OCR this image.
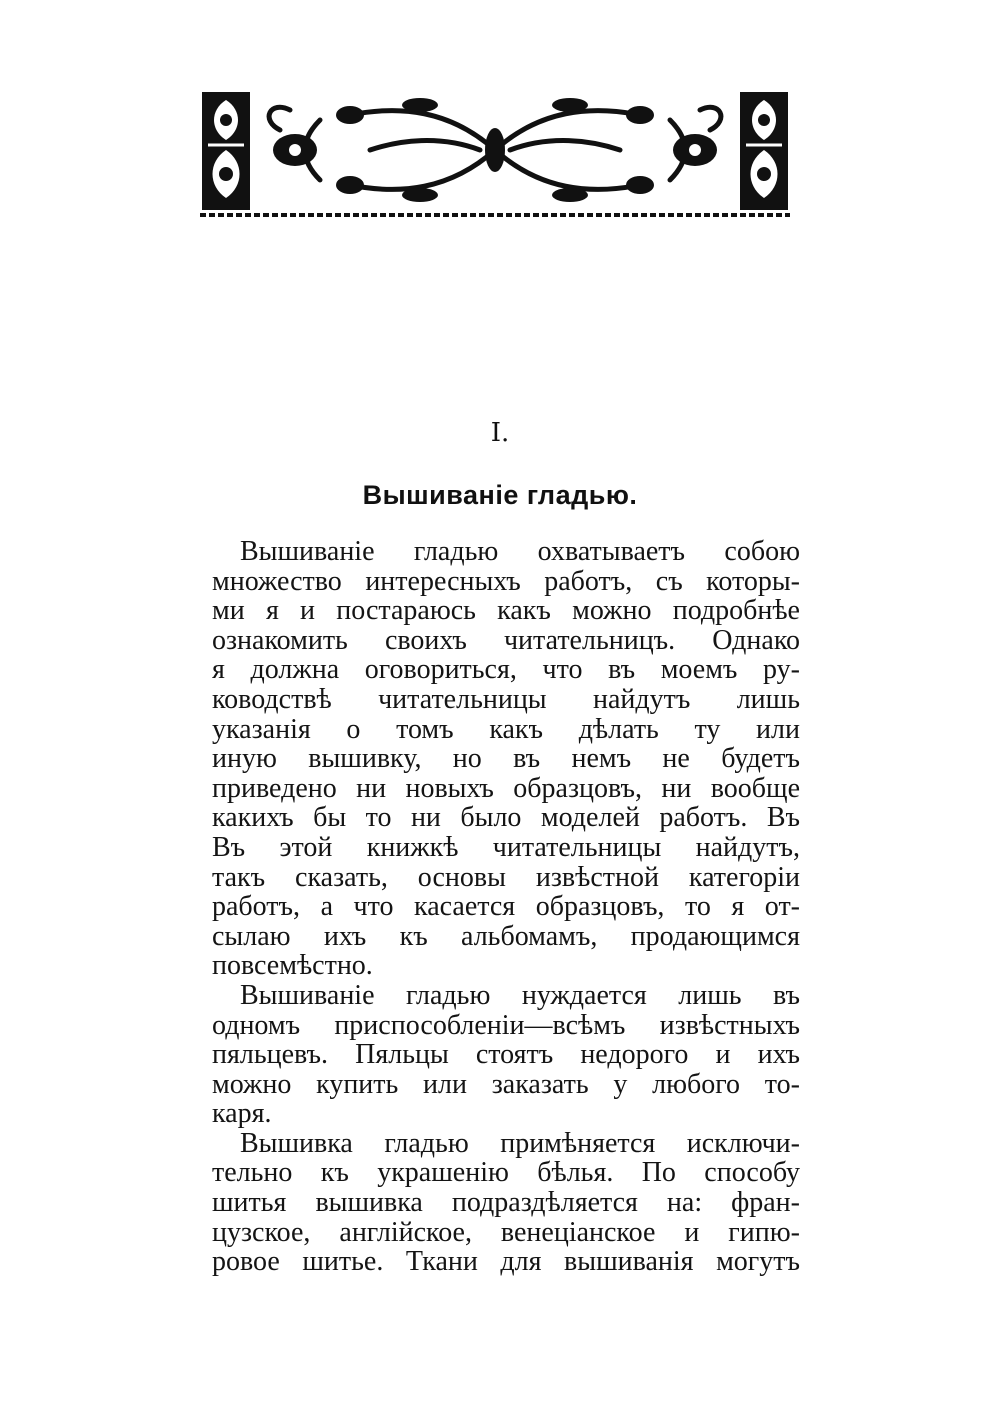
I.
Вышиванiе гладью.
Вышиванiе гладью охватываетъ собою
множество интересныхъ работъ, съ которы-
ми я и постараюсь какъ можно подробнѣе
ознакомить своихъ читательницъ. Однако
я должна оговориться, что въ моемъ ру-
ководствѣ читательницы найдутъ лишь
указанiя о томъ какъ дѣлать ту или
иную вышивку, но въ немъ не будетъ
приведено ни новыхъ образцовъ, ни вообще
какихъ бы то ни было моделей работъ. Въ
Въ этой книжкѣ читательницы найдутъ,
такъ сказать, основы извѣстной категорiи
работъ, а что касается образцовъ, то я от-
сылаю ихъ къ альбомамъ, продающимся
повсемѣстно.
Вышиванiе гладью нуждается лишь въ
одномъ приспособленiи—всѣмъ извѣстныхъ
пяльцевъ. Пяльцы стоятъ недорого и ихъ
можно купить или заказать у любого то-
каря.
Вышивка гладью примѣняется исключи-
тельно къ украшенiю бѣлья. По способу
шитья вышивка подраздѣляется на: фран-
цузское, англiйское, венецiанское и гипю-
ровое шитье. Ткани для вышиванiя могутъ
